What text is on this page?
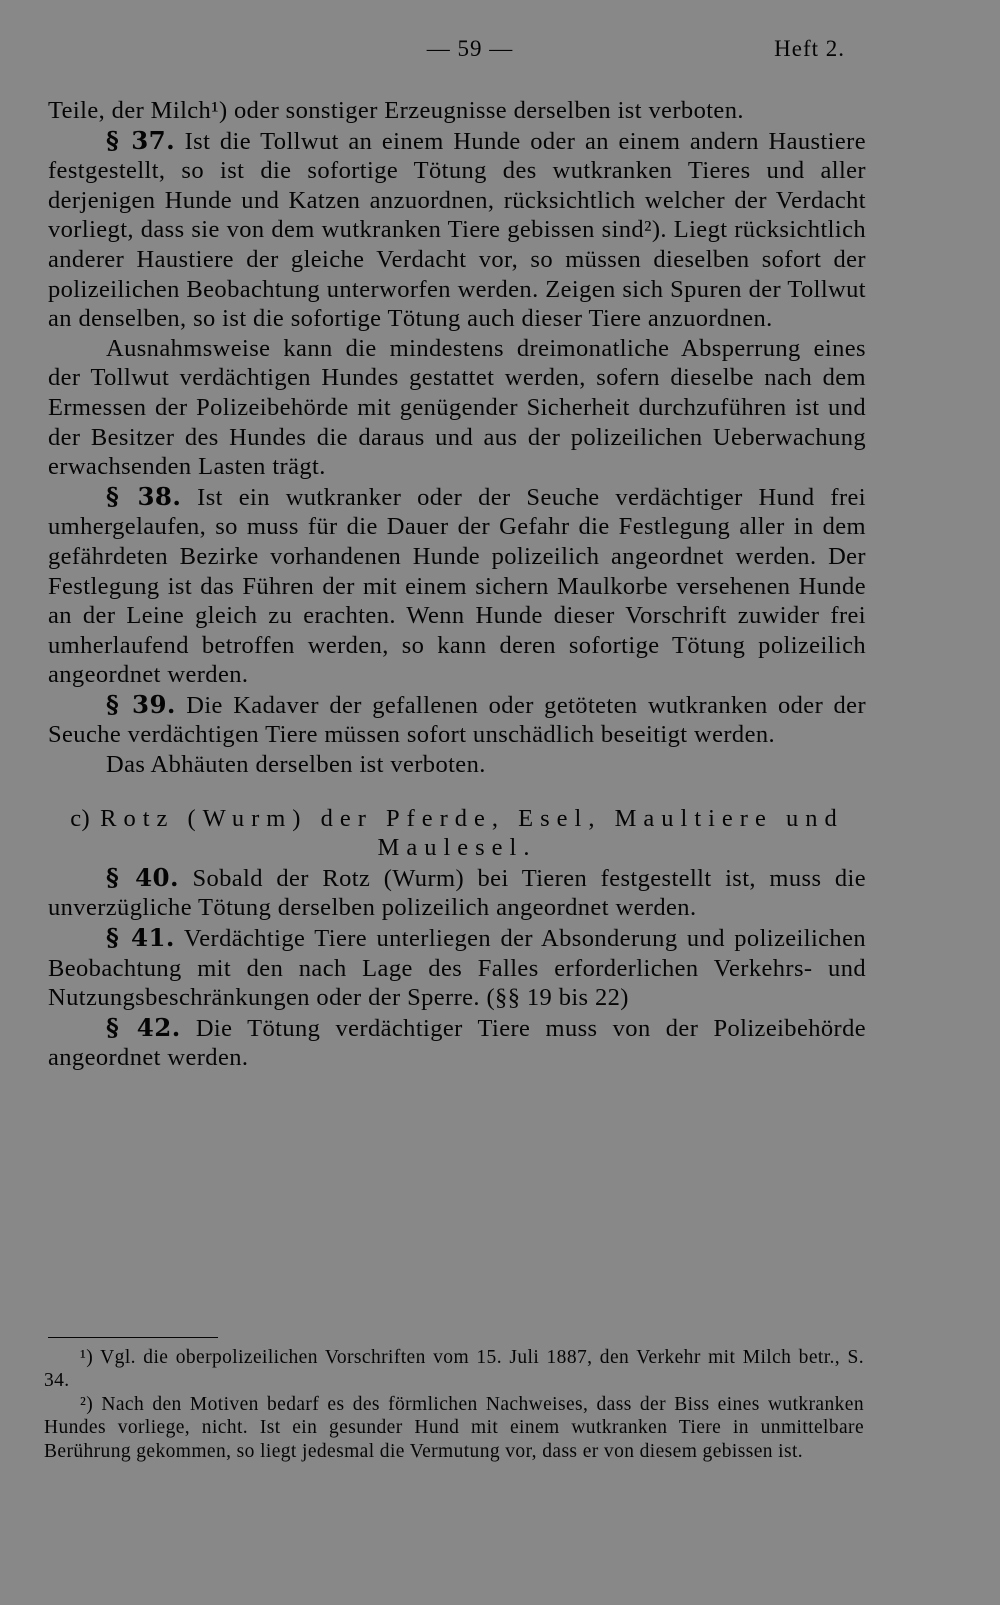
— 59 —	Heft 2.

Teile, der Milch¹) oder sonstiger Erzeugnisse derselben ist verboten.

§ 37. Ist die Tollwut an einem Hunde oder an einem andern Haustiere festgestellt, so ist die sofortige Tötung des wutkranken Tieres und aller derjenigen Hunde und Katzen anzuordnen, rücksichtlich welcher der Verdacht vorliegt, dass sie von dem wutkranken Tiere gebissen sind²). Liegt rücksichtlich anderer Haustiere der gleiche Verdacht vor, so müssen dieselben sofort der polizeilichen Beobachtung unterworfen werden. Zeigen sich Spuren der Tollwut an denselben, so ist die sofortige Tötung auch dieser Tiere anzuordnen.

Ausnahmsweise kann die mindestens dreimonatliche Absperrung eines der Tollwut verdächtigen Hundes gestattet werden, sofern dieselbe nach dem Ermessen der Polizeibehörde mit genügender Sicherheit durchzuführen ist und der Besitzer des Hundes die daraus und aus der polizeilichen Ueberwachung erwachsenden Lasten trägt.

§ 38. Ist ein wutkranker oder der Seuche verdächtiger Hund frei umhergelaufen, so muss für die Dauer der Gefahr die Festlegung aller in dem gefährdeten Bezirke vorhandenen Hunde polizeilich angeordnet werden. Der Festlegung ist das Führen der mit einem sichern Maulkorbe versehenen Hunde an der Leine gleich zu erachten. Wenn Hunde dieser Vorschrift zuwider frei umherlaufend betroffen werden, so kann deren sofortige Tötung polizeilich angeordnet werden.

§ 39. Die Kadaver der gefallenen oder getöteten wutkranken oder der Seuche verdächtigen Tiere müssen sofort unschädlich beseitigt werden.

Das Abhäuten derselben ist verboten.

c) Rotz (Wurm) der Pferde, Esel, Maultiere und Maulesel.

§ 40. Sobald der Rotz (Wurm) bei Tieren festgestellt ist, muss die unverzügliche Tötung derselben polizeilich angeordnet werden.

§ 41. Verdächtige Tiere unterliegen der Absonderung und polizeilichen Beobachtung mit den nach Lage des Falles erforderlichen Verkehrs- und Nutzungsbeschränkungen oder der Sperre. (§§ 19 bis 22)

§ 42. Die Tötung verdächtiger Tiere muss von der Polizeibehörde angeordnet werden.

¹) Vgl. die oberpolizeilichen Vorschriften vom 15. Juli 1887, den Verkehr mit Milch betr., S. 34.

²) Nach den Motiven bedarf es des förmlichen Nachweises, dass der Biss eines wutkranken Hundes vorliege, nicht. Ist ein gesunder Hund mit einem wutkranken Tiere in unmittelbare Berührung gekommen, so liegt jedesmal die Vermutung vor, dass er von diesem gebissen ist.
